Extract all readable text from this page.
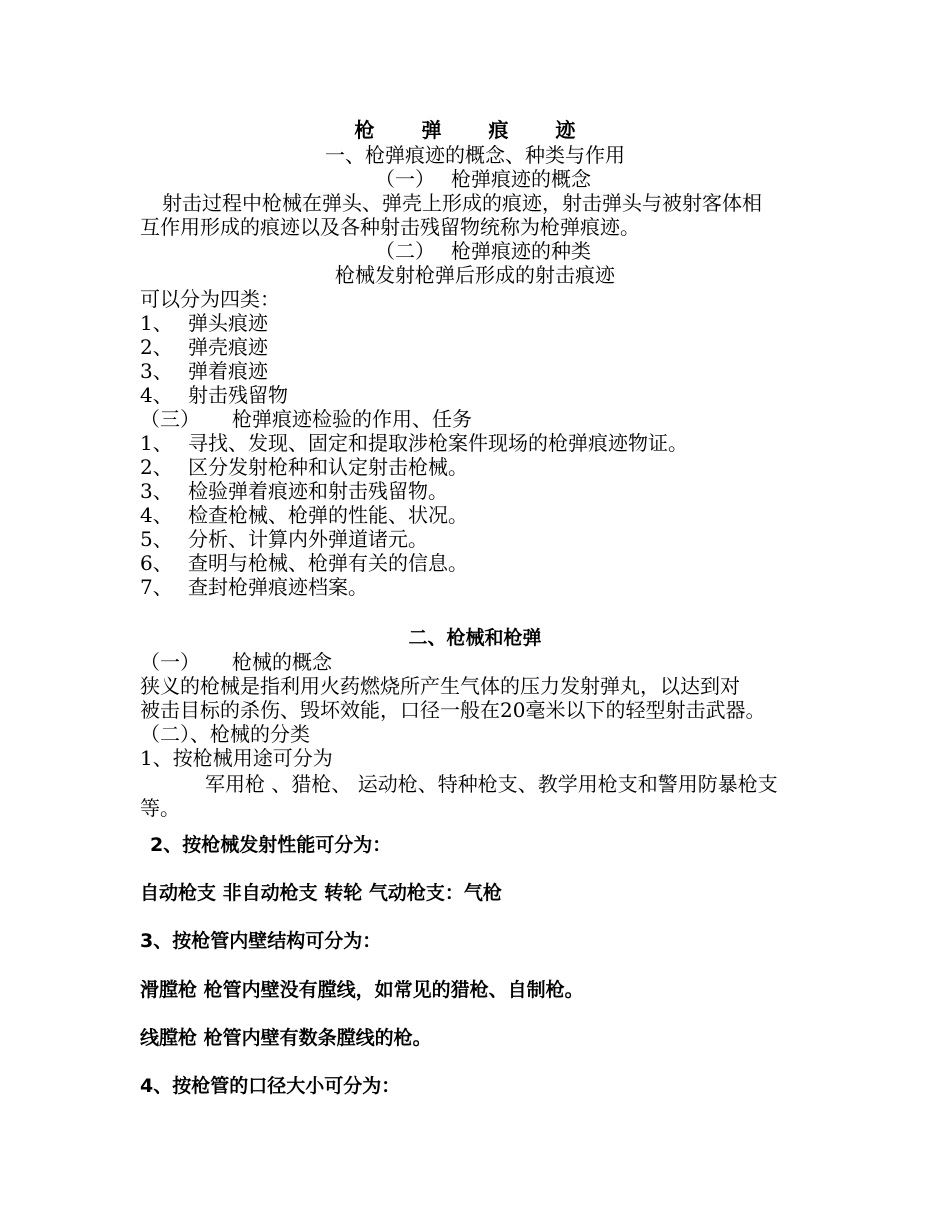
枪 弹 痕 迹
一、枪弹痕迹的概念、种类与作用
（一） 枪弹痕迹的概念
射击过程中枪械在弹头、弹壳上形成的痕迹，射击弹头与被射客体相
互作用形成的痕迹以及各种射击残留物统称为枪弹痕迹。
（二） 枪弹痕迹的种类
枪械发射枪弹后形成的射击痕迹
可以分为四类：
1、 弹头痕迹
2、 弹壳痕迹
3、 弹着痕迹
4、 射击残留物
（三） 枪弹痕迹检验的作用、任务
1、 寻找、发现、固定和提取涉枪案件现场的枪弹痕迹物证。
2、 区分发射枪种和认定射击枪械。
3、 检验弹着痕迹和射击残留物。
4、 检查枪械、枪弹的性能、状况。
5、 分析、计算内外弹道诸元。
6、 查明与枪械、枪弹有关的信息。
7、 查封枪弹痕迹档案。
二、枪械和枪弹
（一） 枪械的概念
狭义的枪械是指利用火药燃烧所产生气体的压力发射弹丸，以达到对
被击目标的杀伤、毁坏效能，口径一般在20毫米以下的轻型射击武器。
（二）、枪械的分类
1、按枪械用途可分为
军用枪 、猎枪、 运动枪、特种枪支、教学用枪支和警用防暴枪支
等。
2、按枪械发射性能可分为：
自动枪支 非自动枪支 转轮 气动枪支：气枪
3、按枪管内壁结构可分为：
滑膛枪 枪管内壁没有膛线，如常见的猎枪、自制枪。
线膛枪 枪管内壁有数条膛线的枪。
4、按枪管的口径大小可分为：
